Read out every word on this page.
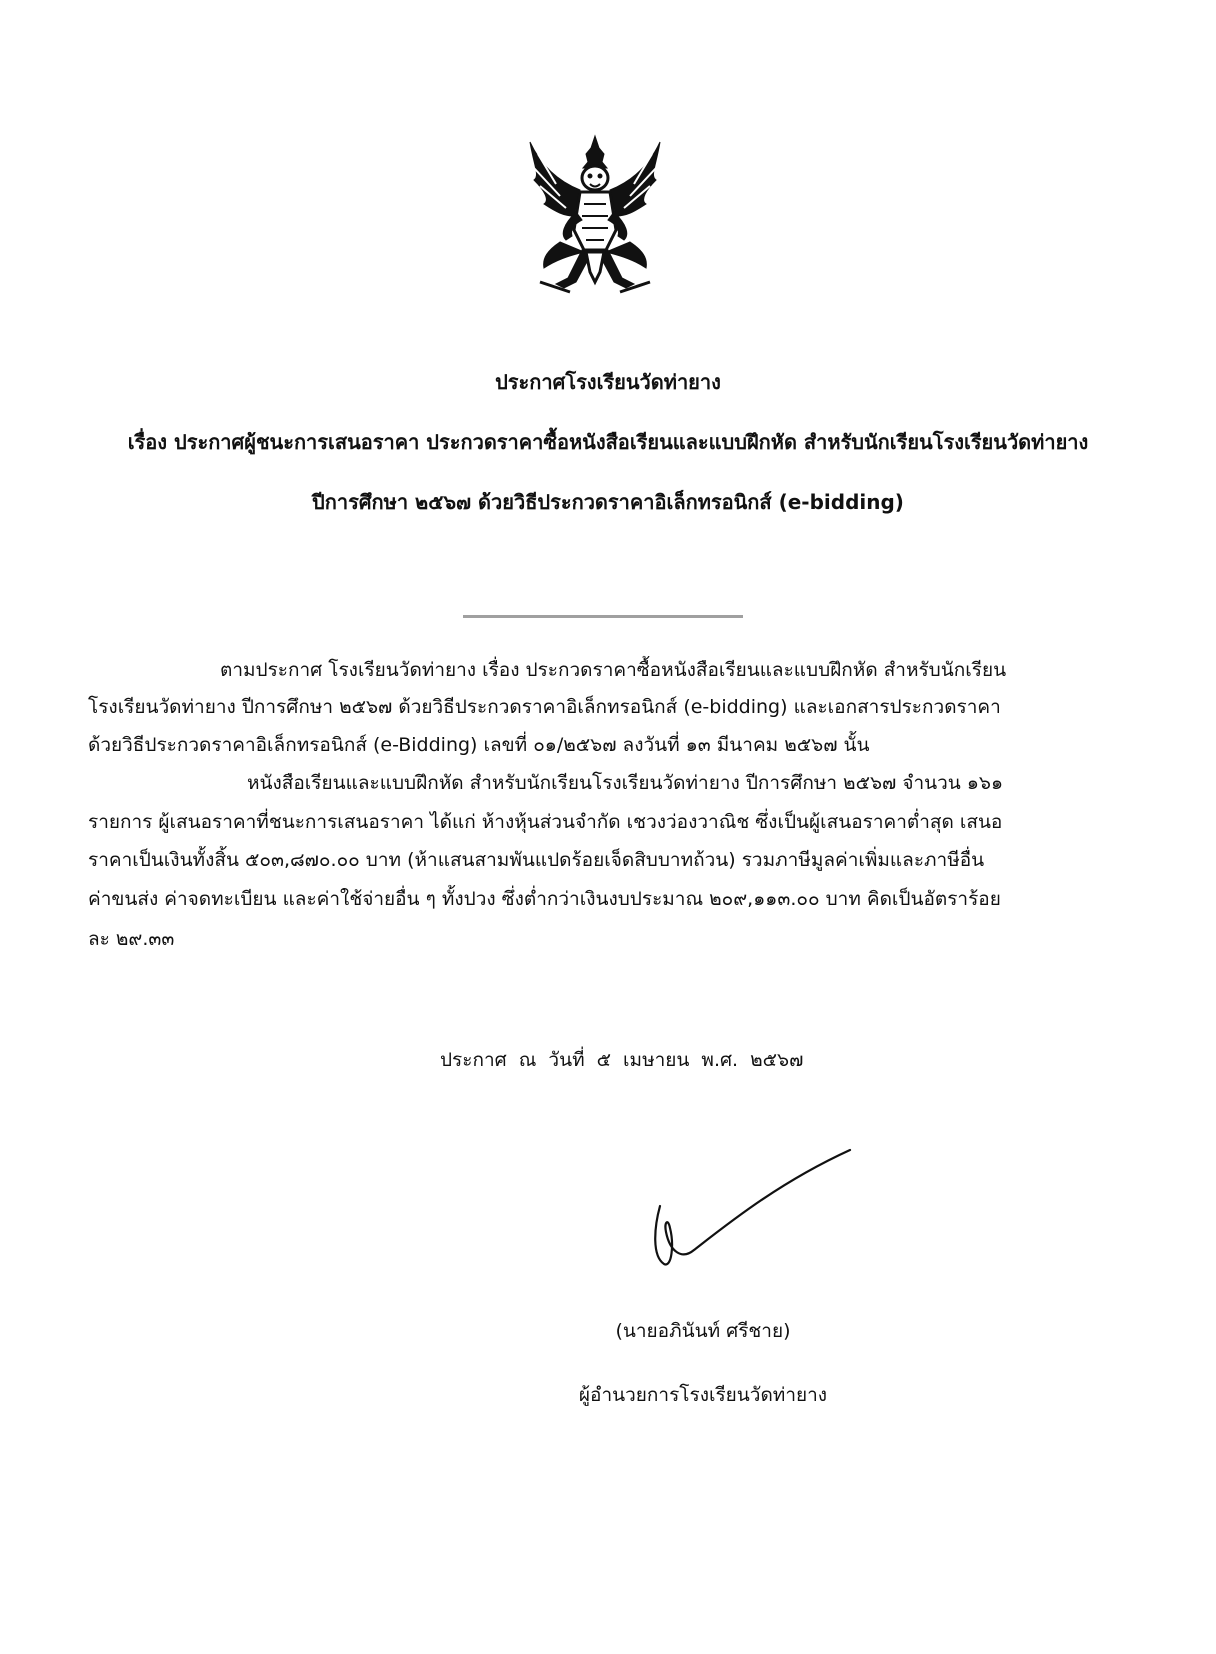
ประกาศโรงเรียนวัดท่ายาง
เรื่อง ประกาศผู้ชนะการเสนอราคา ประกวดราคาซื้อหนังสือเรียนและแบบฝึกหัด สำหรับนักเรียนโรงเรียนวัดท่ายาง
ปีการศึกษา ๒๕๖๗ ด้วยวิธีประกวดราคาอิเล็กทรอนิกส์ (e-bidding)
ตามประกาศ โรงเรียนวัดท่ายาง เรื่อง ประกวดราคาซื้อหนังสือเรียนและแบบฝึกหัด สำหรับนักเรียน
โรงเรียนวัดท่ายาง ปีการศึกษา ๒๕๖๗ ด้วยวิธีประกวดราคาอิเล็กทรอนิกส์ (e-bidding) และเอกสารประกวดราคา
ด้วยวิธีประกวดราคาอิเล็กทรอนิกส์ (e-Bidding) เลขที่ ๐๑/๒๕๖๗ ลงวันที่ ๑๓ มีนาคม ๒๕๖๗ นั้น
หนังสือเรียนและแบบฝึกหัด สำหรับนักเรียนโรงเรียนวัดท่ายาง ปีการศึกษา ๒๕๖๗ จำนวน ๑๖๑
รายการ ผู้เสนอราคาที่ชนะการเสนอราคา ได้แก่ ห้างหุ้นส่วนจำกัด เชวงว่องวาณิช ซึ่งเป็นผู้เสนอราคาต่ำสุด เสนอ
ราคาเป็นเงินทั้งสิ้น ๕๐๓,๘๗๐.๐๐ บาท (ห้าแสนสามพันแปดร้อยเจ็ดสิบบาทถ้วน) รวมภาษีมูลค่าเพิ่มและภาษีอื่น
ค่าขนส่ง ค่าจดทะเบียน และค่าใช้จ่ายอื่น ๆ ทั้งปวง ซึ่งต่ำกว่าเงินงบประมาณ ๒๐๙,๑๑๓.๐๐ บาท คิดเป็นอัตราร้อย
ละ ๒๙.๓๓
ประกาศ ณ วันที่ ๕ เมษายน พ.ศ. ๒๕๖๗
(นายอภินันท์ ศรีชาย)
ผู้อำนวยการโรงเรียนวัดท่ายาง
